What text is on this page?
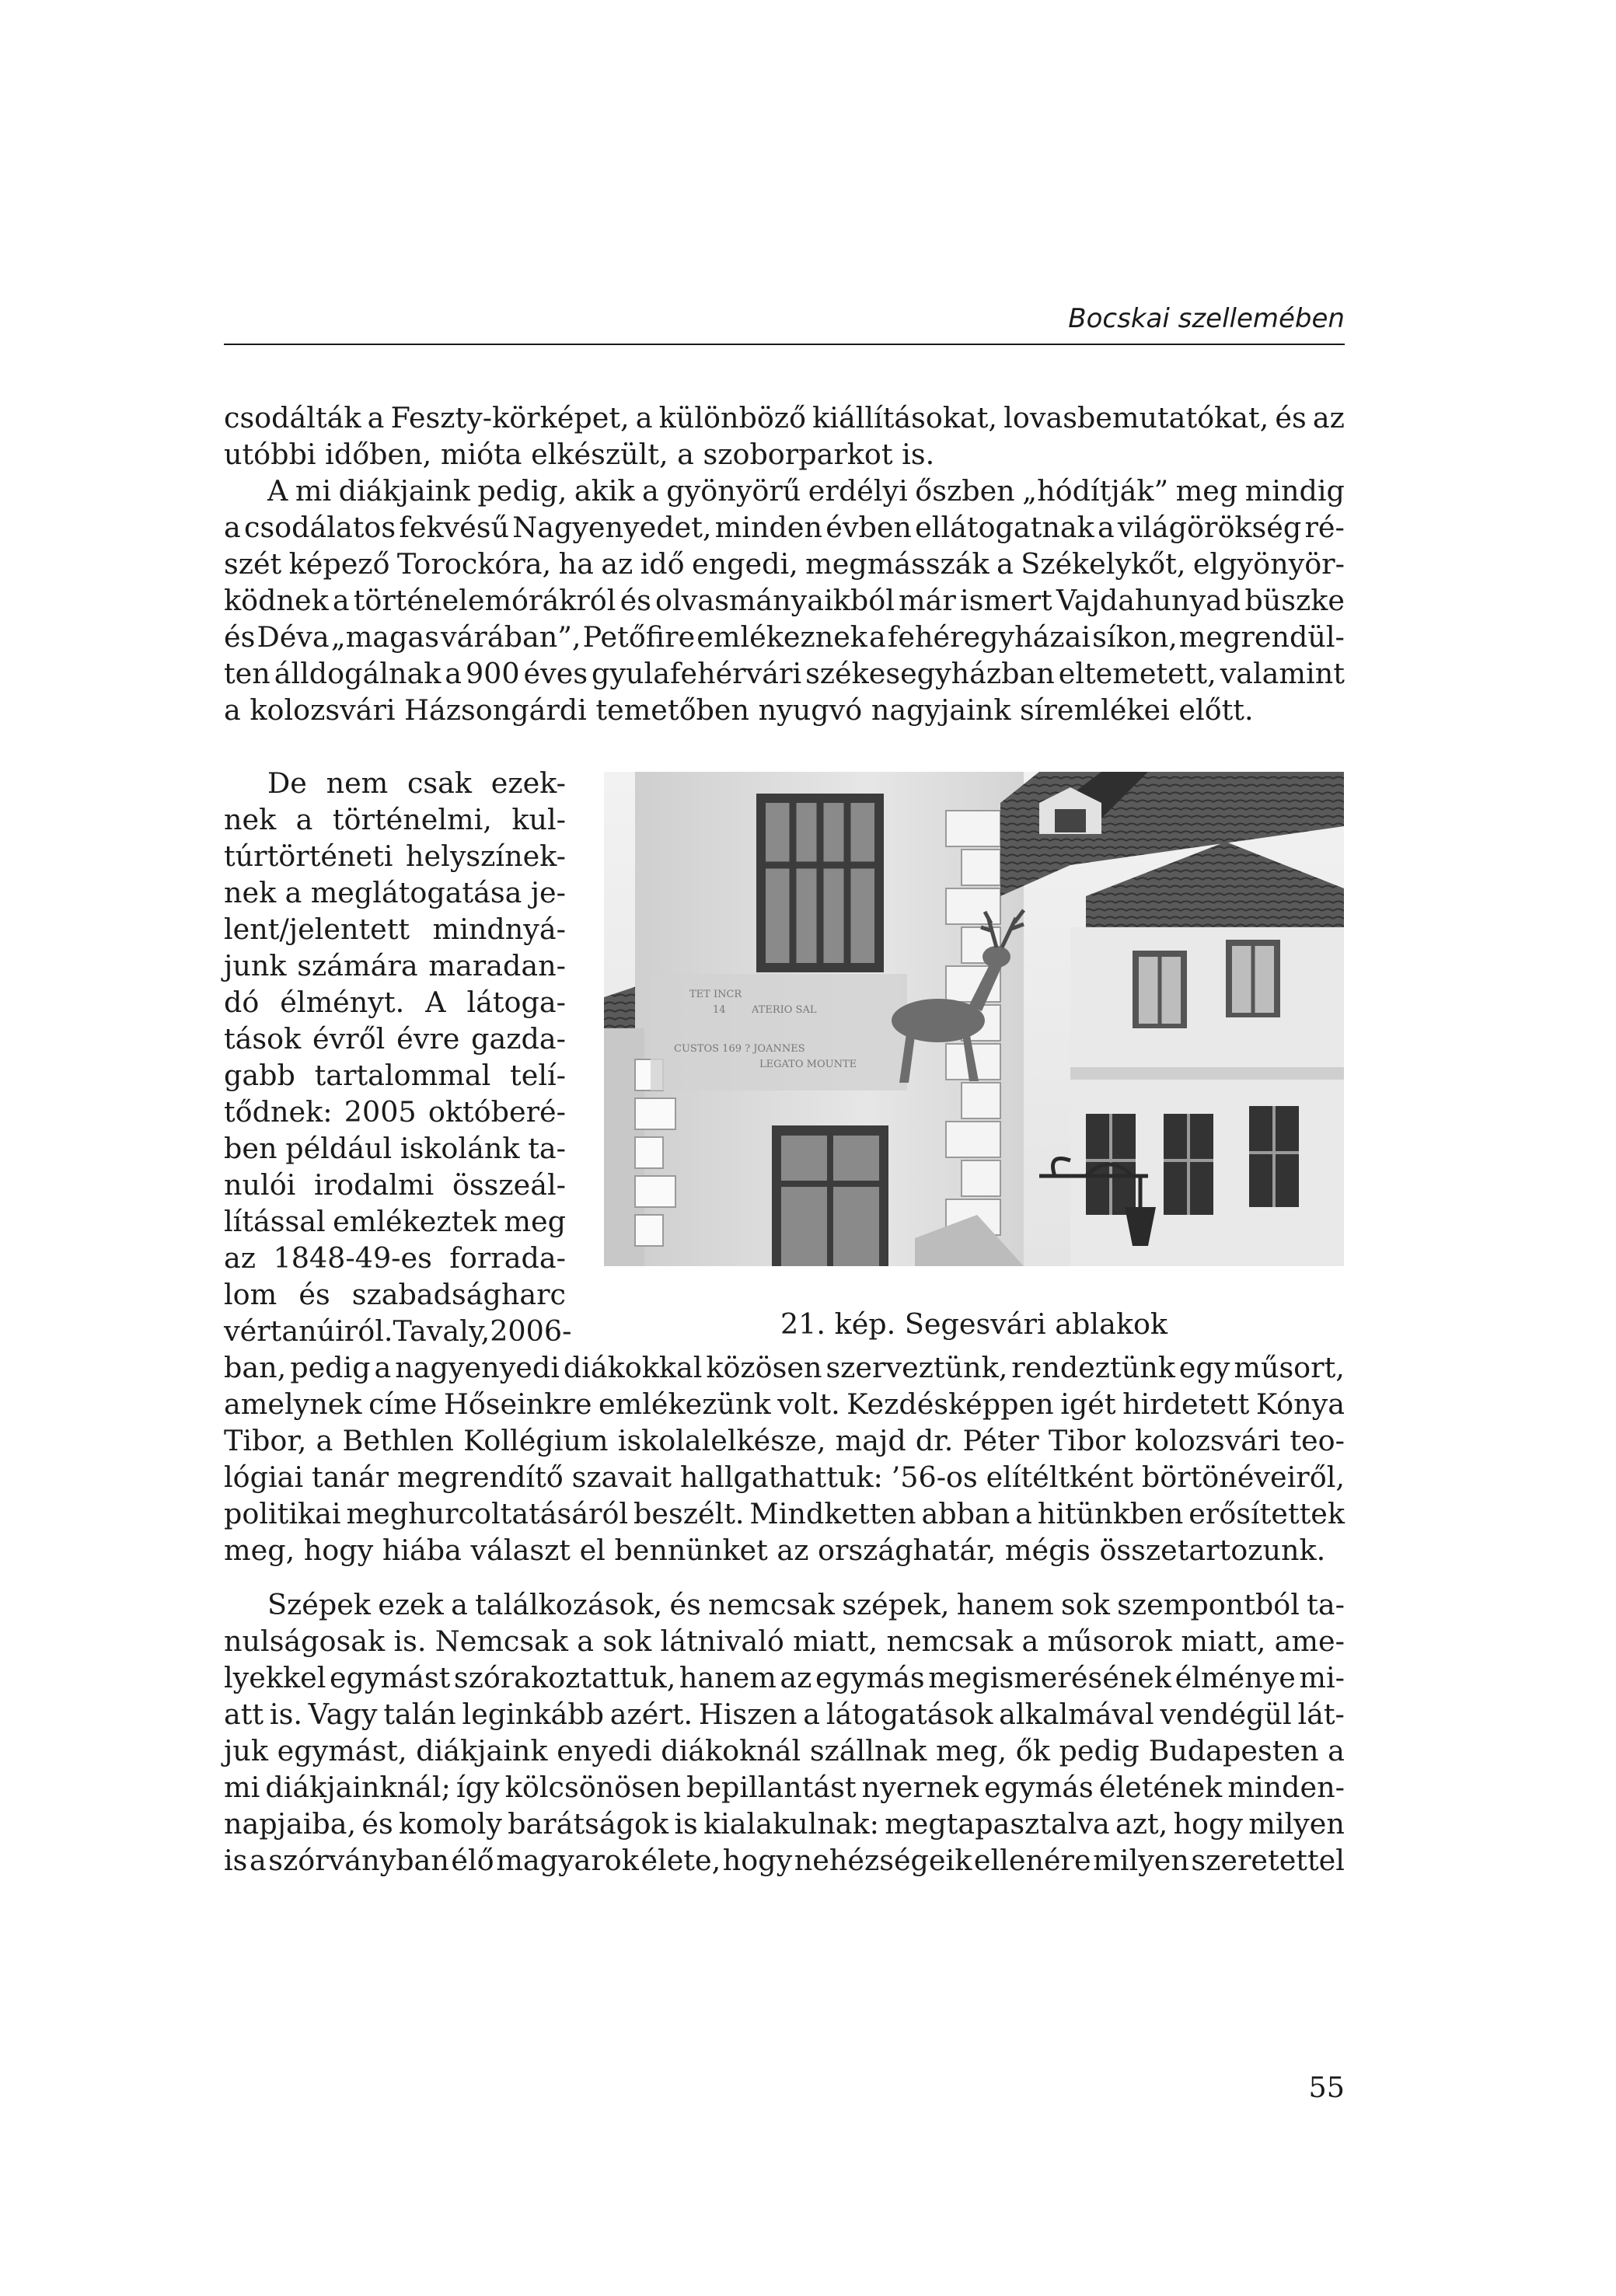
Bocskai szellemében
csodálták a Feszty-körképet, a különböző kiállításokat, lovasbemutatókat, és az
utóbbi időben, mióta elkészült, a szoborparkot is.
A mi diákjaink pedig, akik a gyönyörű erdélyi őszben „hódítják” meg mindig
a csodálatos fekvésű Nagyenyedet, minden évben ellátogatnak a világörökség ré-
szét képező Torockóra, ha az idő engedi, megmásszák a Székelykőt, elgyönyör-
ködnek a történelemórákról és olvasmányaikból már ismert Vajdahunyad büszke
és Déva „magas várában”, Petőfire emlékeznek a fehéregyházai síkon, megrendül-
ten álldogálnak a 900 éves gyulafehérvári székesegyházban eltemetett, valamint
a kolozsvári Házsongárdi temetőben nyugvó nagyjaink síremlékei előtt.
De nem csak ezek-
nek a történelmi, kul-
túrtörténeti helyszínek-
nek a meglátogatása je-
lent/jelentett mindnyá-
junk számára maradan-
dó élményt. A látoga-
tások évről évre gazda-
gabb tartalommal telí-
tődnek: 2005 októberé-
ben például iskolánk ta-
nulói irodalmi összeál-
lítással emlékeztek meg
az 1848-49-es forrada-
lom és szabadságharc
vértanúiról. Tavaly, 2006-
TET INCR
14	ATERIO SAL
CUSTOS 169 ? JOANNES
LEGATO MOUNTE
21. kép. Segesvári ablakok
ban, pedig a nagyenyedi diákokkal közösen szerveztünk, rendeztünk egy műsort,
amelynek címe Hőseinkre emlékezünk volt. Kezdésképpen igét hirdetett Kónya
Tibor, a Bethlen Kollégium iskolalelkésze, majd dr. Péter Tibor kolozsvári teo-
lógiai tanár megrendítő szavait hallgathattuk: ’56-os elítéltként börtönéveiről,
politikai meghurcoltatásáról beszélt. Mindketten abban a hitünkben erősítettek
meg, hogy hiába választ el bennünket az országhatár, mégis összetartozunk.
Szépek ezek a találkozások, és nemcsak szépek, hanem sok szempontból ta-
nulságosak is. Nemcsak a sok látnivaló miatt, nemcsak a műsorok miatt, ame-
lyekkel egymást szórakoztattuk, hanem az egymás megismerésének élménye mi-
att is. Vagy talán leginkább azért. Hiszen a látogatások alkalmával vendégül lát-
juk egymást, diákjaink enyedi diákoknál szállnak meg, ők pedig Budapesten a
mi diákjainknál; így kölcsönösen bepillantást nyernek egymás életének minden-
napjaiba, és komoly barátságok is kialakulnak: megtapasztalva azt, hogy milyen
is a szórványban élő magyarok élete, hogy nehézségeik ellenére milyen szeretettel
55
